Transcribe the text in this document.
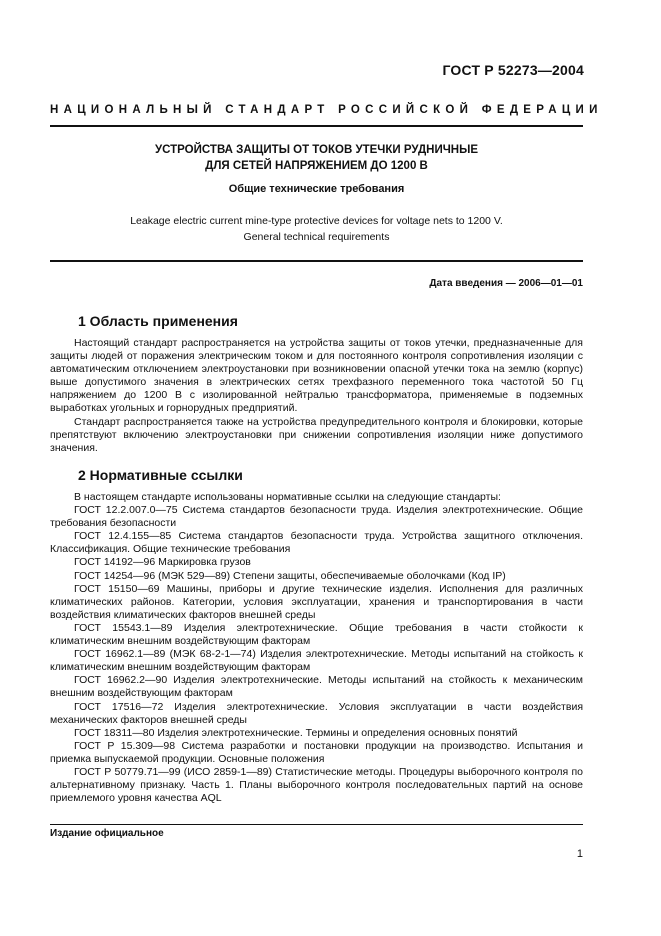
ГОСТ Р 52273—2004
НАЦИОНАЛЬНЫЙ СТАНДАРТ РОССИЙСКОЙ ФЕДЕРАЦИИ
УСТРОЙСТВА ЗАЩИТЫ ОТ ТОКОВ УТЕЧКИ РУДНИЧНЫЕ
ДЛЯ СЕТЕЙ НАПРЯЖЕНИЕМ ДО 1200 В
Общие технические требования
Leakage electric current mine-type protective devices for voltage nets to 1200 V.
General technical requirements
Дата введения — 2006—01—01
1 Область применения

Настоящий стандарт распространяется на устройства защиты от токов утечки, предназначенные для защиты людей от поражения электрическим током и для постоянного контроля сопротивления изоляции с автоматическим отключением электроустановки при возникновении опасной утечки тока на землю (корпус) выше допустимого значения в электрических сетях трехфазного переменного тока частотой 50 Гц напряжением до 1200 В с изолированной нейтралью трансформатора, применяемые в подземных выработках угольных и горнорудных предприятий.

Стандарт распространяется также на устройства предупредительного контроля и блокировки, которые препятствуют включению электроустановки при снижении сопротивления изоляции ниже допустимого значения.

2 Нормативные ссылки

В настоящем стандарте использованы нормативные ссылки на следующие стандарты:

ГОСТ 12.2.007.0—75 Система стандартов безопасности труда. Изделия электротехнические. Общие требования безопасности

ГОСТ 12.4.155—85 Система стандартов безопасности труда. Устройства защитного отключения. Классификация. Общие технические требования

ГОСТ 14192—96 Маркировка грузов

ГОСТ 14254—96 (МЭК 529—89) Степени защиты, обеспечиваемые оболочками (Код IP)

ГОСТ 15150—69 Машины, приборы и другие технические изделия. Исполнения для различных климатических районов. Категории, условия эксплуатации, хранения и транспортирования в части воздействия климатических факторов внешней среды

ГОСТ 15543.1—89 Изделия электротехнические. Общие требования в части стойкости к климатическим внешним воздействующим факторам

ГОСТ 16962.1—89 (МЭК 68-2-1—74) Изделия электротехнические. Методы испытаний на стойкость к климатическим внешним воздействующим факторам

ГОСТ 16962.2—90 Изделия электротехнические. Методы испытаний на стойкость к механическим внешним воздействующим факторам

ГОСТ 17516—72 Изделия электротехнические. Условия эксплуатации в части воздействия механических факторов внешней среды

ГОСТ 18311—80 Изделия электротехнические. Термины и определения основных понятий

ГОСТ Р 15.309—98 Система разработки и постановки продукции на производство. Испытания и приемка выпускаемой продукции. Основные положения

ГОСТ Р 50779.71—99 (ИСО 2859-1—89) Статистические методы. Процедуры выборочного контроля по альтернативному признаку. Часть 1. Планы выборочного контроля последовательных партий на основе приемлемого уровня качества AQL

Издание официальное
1
